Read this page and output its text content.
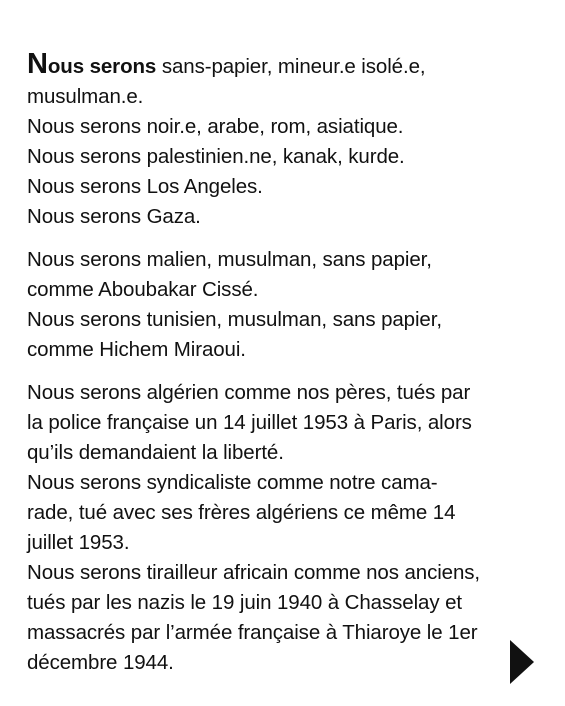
Nous serons sans-papier, mineur.e isolé.e,
musulman.e.
Nous serons noir.e, arabe, rom, asiatique.
Nous serons palestinien.ne, kanak, kurde.
Nous serons Los Angeles.
Nous serons Gaza.
Nous serons malien, musulman, sans papier,
comme Aboubakar Cissé.
Nous serons tunisien, musulman, sans papier,
comme Hichem Miraoui.
Nous serons algérien comme nos pères, tués par
la police française un 14 juillet 1953 à Paris, alors
qu’ils demandaient la liberté.
Nous serons syndicaliste comme notre cama-
rade, tué avec ses frères algériens ce même 14
juillet 1953.
Nous serons tirailleur africain comme nos anciens,
tués par les nazis le 19 juin 1940 à Chasselay et
massacrés par l’armée française à Thiaroye le 1er
décembre 1944.
